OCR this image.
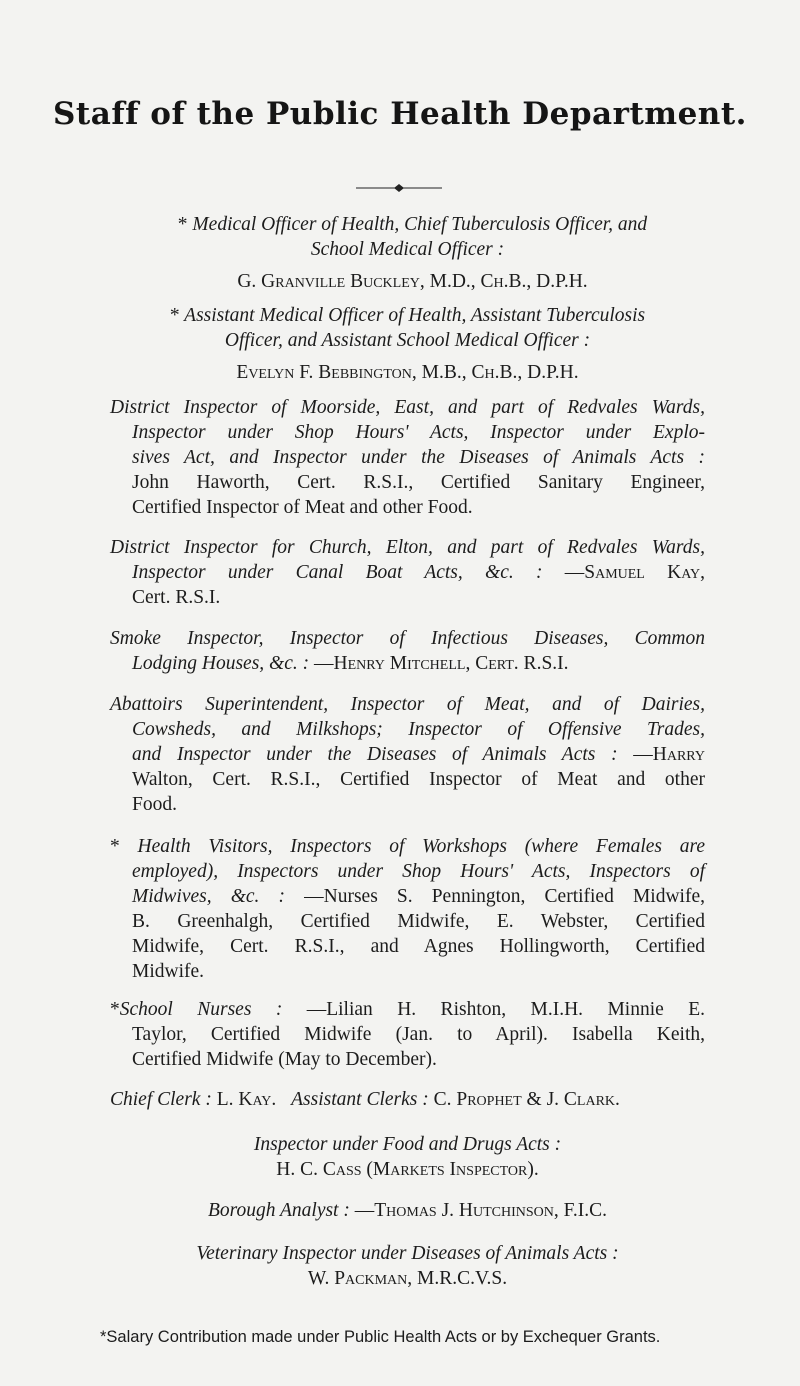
Staff of the Public Health Department.
* Medical Officer of Health, Chief Tuberculosis Officer, and
School Medical Officer :
G. Granville Buckley, M.D., Ch.B., D.P.H.
* Assistant Medical Officer of Health, Assistant Tuberculosis
Officer, and Assistant School Medical Officer :
Evelyn F. Bebbington, M.B., Ch.B., D.P.H.
District Inspector of Moorside, East, and part of Redvales Wards,
Inspector under Shop Hours' Acts, Inspector under Explo-
sives Act, and Inspector under the Diseases of Animals Acts :
John Haworth, Cert. R.S.I., Certified Sanitary Engineer,
Certified Inspector of Meat and other Food.
District Inspector for Church, Elton, and part of Redvales Wards,
Inspector under Canal Boat Acts, &c. : —Samuel Kay,
Cert. R.S.I.
Smoke Inspector, Inspector of Infectious Diseases, Common
Lodging Houses, &c. : —Henry Mitchell, Cert. R.S.I.
Abattoirs Superintendent, Inspector of Meat, and of Dairies,
Cowsheds, and Milkshops; Inspector of Offensive Trades,
and Inspector under the Diseases of Animals Acts : —Harry
Walton, Cert. R.S.I., Certified Inspector of Meat and other
Food.
* Health Visitors, Inspectors of Workshops (where Females are
employed), Inspectors under Shop Hours' Acts, Inspectors of
Midwives, &c. : —Nurses S. Pennington, Certified Midwife,
B. Greenhalgh, Certified Midwife, E. Webster, Certified
Midwife, Cert. R.S.I., and Agnes Hollingworth, Certified
Midwife.
*School Nurses : —Lilian H. Rishton, M.I.H. Minnie E.
Taylor, Certified Midwife (Jan. to April). Isabella Keith,
Certified Midwife (May to December).
Chief Clerk : L. Kay. Assistant Clerks : C. Prophet & J. Clark.
Inspector under Food and Drugs Acts :
H. C. Cass (Markets Inspector).
Borough Analyst : —Thomas J. Hutchinson, F.I.C.
Veterinary Inspector under Diseases of Animals Acts :
W. Packman, M.R.C.V.S.
*Salary Contribution made under Public Health Acts or by Exchequer Grants.
